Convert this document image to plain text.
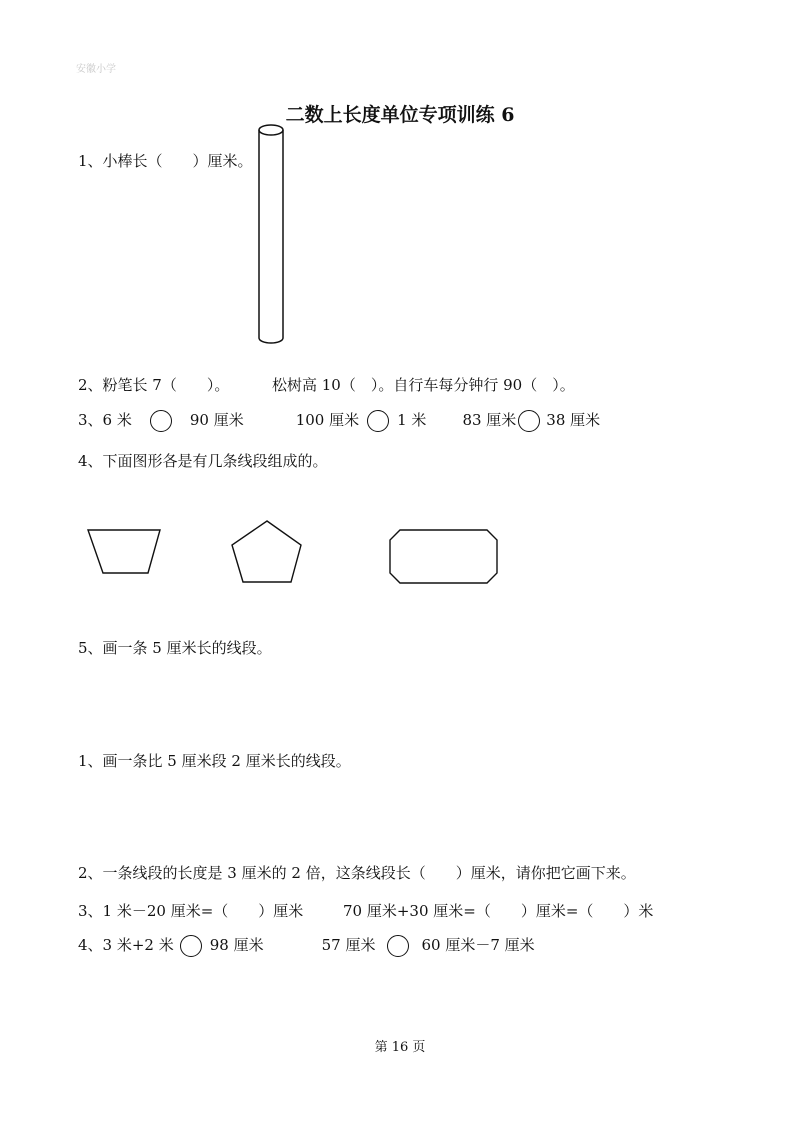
安徽小学
二数上长度单位专项训练 6
1、小棒长（　　）厘米。
2、粉笔长 7（　　）。	松树高 10（　）。自行车每分钟行 90（　）。
3、6 米	90 厘米	100 厘米	1 米 83 厘米 38 厘米
4、下面图形各是有几条线段组成的。
5、画一条 5 厘米长的线段。
1、画一条比 5 厘米段 2 厘米长的线段。
2、一条线段的长度是 3 厘米的 2 倍，这条线段长（　　）厘米，请你把它画下来。
3、1 米－20 厘米=（　　）厘米	70 厘米+30 厘米=（　　）厘米=（　　）米
4、3 米+2 米 98 厘米	57 厘米	60 厘米－7 厘米
第 16 页
